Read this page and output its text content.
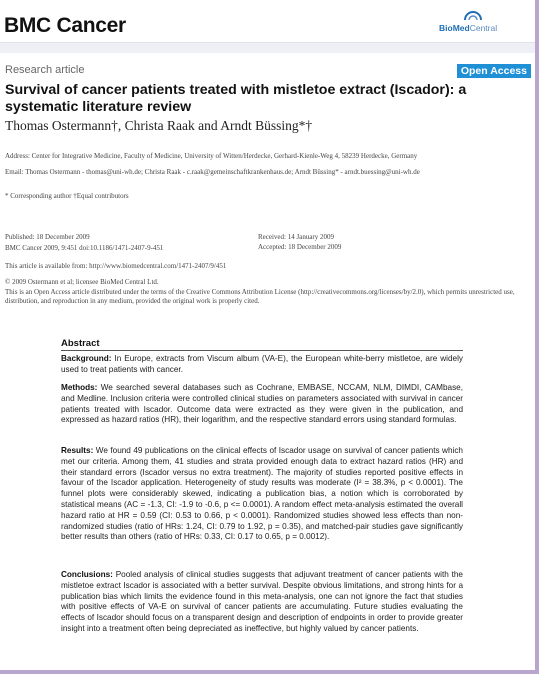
BMC Cancer	BioMedCentral
Research article	Open Access
Survival of cancer patients treated with mistletoe extract (Iscador): a systematic literature review
Thomas Ostermann†, Christa Raak and Arndt Büssing*†
Address: Center for Integrative Medicine, Faculty of Medicine, University of Witten/Herdecke, Gerhard-Kienle-Weg 4, 58239 Herdecke, Germany
Email: Thomas Ostermann - thomas@uni-wh.de; Christa Raak - c.raak@gemeinschaftkrankenhaus.de; Arndt Büssing* - arndt.buessing@uni-wh.de
* Corresponding author †Equal contributors
Published: 18 December 2009
BMC Cancer 2009, 9:451 doi:10.1186/1471-2407-9-451
Received: 14 January 2009
Accepted: 18 December 2009
This article is available from: http://www.biomedcentral.com/1471-2407/9/451
© 2009 Ostermann et al; licensee BioMed Central Ltd.
This is an Open Access article distributed under the terms of the Creative Commons Attribution License (http://creativecommons.org/licenses/by/2.0), which permits unrestricted use, distribution, and reproduction in any medium, provided the original work is properly cited.
Abstract
Background: In Europe, extracts from Viscum album (VA-E), the European white-berry mistletoe, are widely used to treat patients with cancer.
Methods: We searched several databases such as Cochrane, EMBASE, NCCAM, NLM, DIMDI, CAMbase, and Medline. Inclusion criteria were controlled clinical studies on parameters associated with survival in cancer patients treated with Iscador. Outcome data were extracted as they were given in the publication, and expressed as hazard ratios (HR), their logarithm, and the respective standard errors using standard formulas.
Results: We found 49 publications on the clinical effects of Iscador usage on survival of cancer patients which met our criteria. Among them, 41 studies and strata provided enough data to extract hazard ratios (HR) and their standard errors (Iscador versus no extra treatment). The majority of studies reported positive effects in favour of the Iscador application. Heterogeneity of study results was moderate (I² = 38.3%, p < 0.0001). The funnel plots were considerably skewed, indicating a publication bias, a notion which is corroborated by statistical means (AC = -1.3, CI: -1.9 to -0.6, p <= 0.0001). A random effect meta-analysis estimated the overall hazard ratio at HR = 0.59 (CI: 0.53 to 0.66, p < 0.0001). Randomized studies showed less effects than non-randomized studies (ratio of HRs: 1.24, CI: 0.79 to 1.92, p = 0.35), and matched-pair studies gave significantly better results than others (ratio of HRs: 0.33, CI: 0.17 to 0.65, p = 0.0012).
Conclusions: Pooled analysis of clinical studies suggests that adjuvant treatment of cancer patients with the mistletoe extract Iscador is associated with a better survival. Despite obvious limitations, and strong hints for a publication bias which limits the evidence found in this meta-analysis, one can not ignore the fact that studies with positive effects of VA-E on survival of cancer patients are accumulating. Future studies evaluating the effects of Iscador should focus on a transparent design and description of endpoints in order to provide greater insight into a treatment often being depreciated as ineffective, but highly valued by cancer patients.
